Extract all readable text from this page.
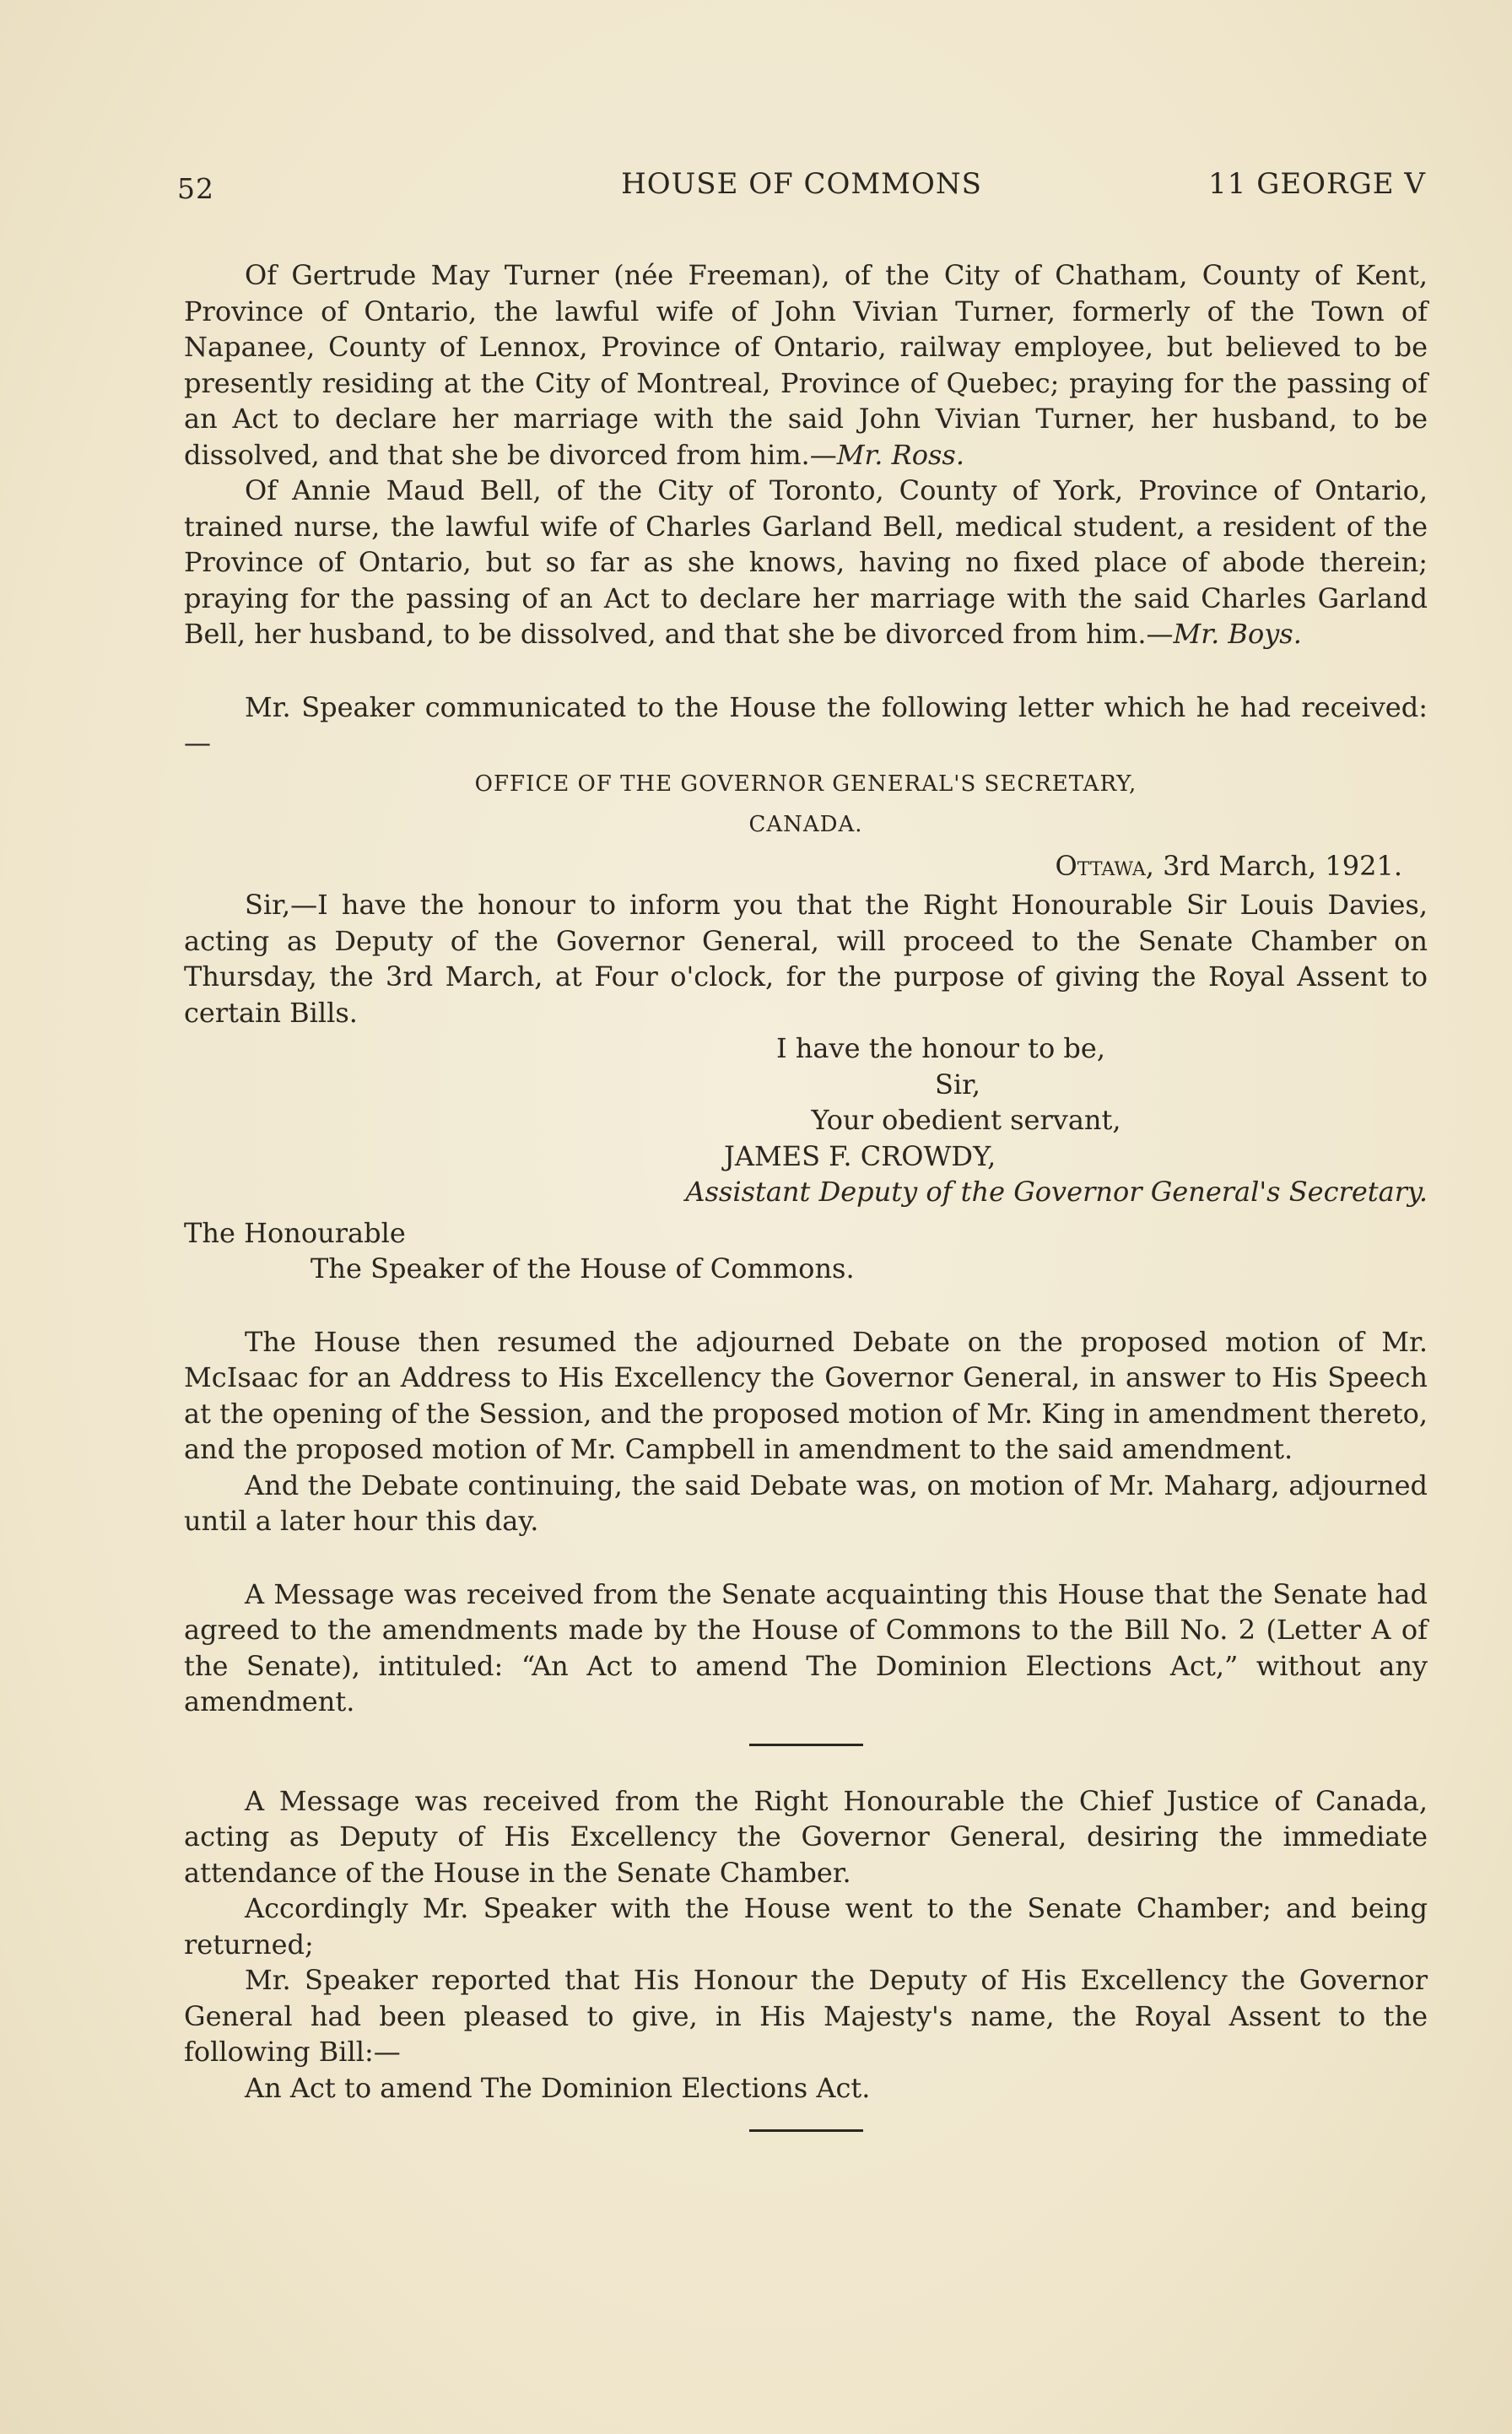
52	HOUSE OF COMMONS	11 GEORGE V

Of Gertrude May Turner (née Freeman), of the City of Chatham, County of Kent, Province of Ontario, the lawful wife of John Vivian Turner, formerly of the Town of Napanee, County of Lennox, Province of Ontario, railway employee, but believed to be presently residing at the City of Montreal, Province of Quebec; praying for the passing of an Act to declare her marriage with the said John Vivian Turner, her husband, to be dissolved, and that she be divorced from him.—Mr. Ross.

Of Annie Maud Bell, of the City of Toronto, County of York, Province of Ontario, trained nurse, the lawful wife of Charles Garland Bell, medical student, a resident of the Province of Ontario, but so far as she knows, having no fixed place of abode therein; praying for the passing of an Act to declare her marriage with the said Charles Garland Bell, her husband, to be dissolved, and that she be divorced from him.—Mr. Boys.

Mr. Speaker communicated to the House the following letter which he had received:—

OFFICE OF THE GOVERNOR GENERAL'S SECRETARY,

CANADA.

Ottawa, 3rd March, 1921.

Sir,—I have the honour to inform you that the Right Honourable Sir Louis Davies, acting as Deputy of the Governor General, will proceed to the Senate Chamber on Thursday, the 3rd March, at Four o'clock, for the purpose of giving the Royal Assent to certain Bills.

I have the honour to be,

Sir,

Your obedient servant,

JAMES F. CROWDY,

Assistant Deputy of the Governor General's Secretary.

The Honourable

The Speaker of the House of Commons.

The House then resumed the adjourned Debate on the proposed motion of Mr. McIsaac for an Address to His Excellency the Governor General, in answer to His Speech at the opening of the Session, and the proposed motion of Mr. King in amendment thereto, and the proposed motion of Mr. Campbell in amendment to the said amendment.

And the Debate continuing, the said Debate was, on motion of Mr. Maharg, adjourned until a later hour this day.

A Message was received from the Senate acquainting this House that the Senate had agreed to the amendments made by the House of Commons to the Bill No. 2 (Letter A of the Senate), intituled: “An Act to amend The Dominion Elections Act,” without any amendment.

A Message was received from the Right Honourable the Chief Justice of Canada, acting as Deputy of His Excellency the Governor General, desiring the immediate attendance of the House in the Senate Chamber.

Accordingly Mr. Speaker with the House went to the Senate Chamber; and being returned;

Mr. Speaker reported that His Honour the Deputy of His Excellency the Governor General had been pleased to give, in His Majesty's name, the Royal Assent to the following Bill:—

An Act to amend The Dominion Elections Act.
